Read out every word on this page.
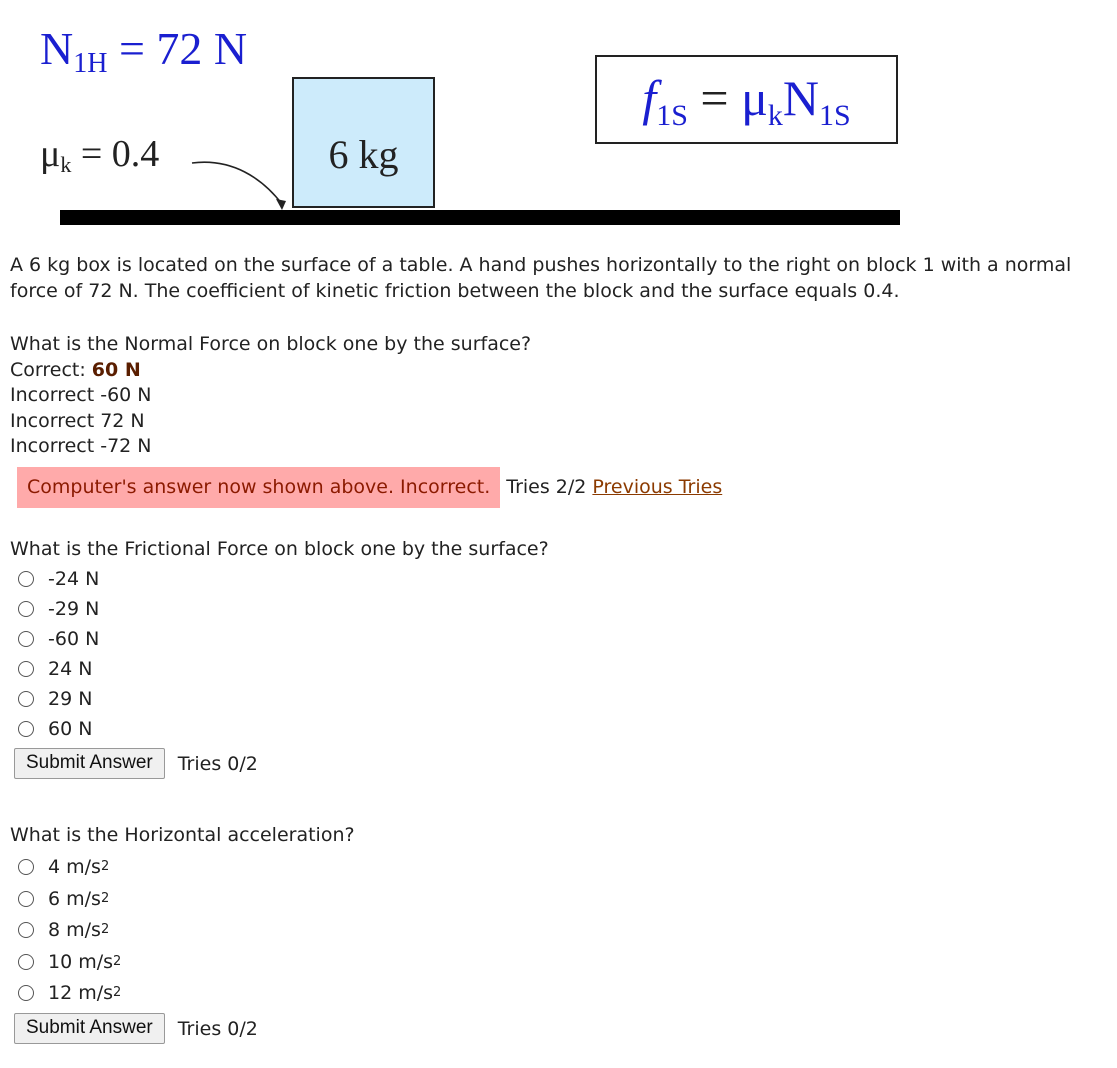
$N_{1H} = 72$ N
$\mu_k = 0.4$	6 kg
$f_{1S} = \mu_kN_{1S}$

A 6 kg box is located on the surface of a table. A hand pushes horizontally to the right on block 1 with a normal force of 72 N. The coefficient of kinetic friction between the block and the surface equals 0.4.

What is the Normal Force on block one by the surface?
Correct: 60 N
Incorrect -60 N
Incorrect 72 N
Incorrect -72 N
Computer's answer now shown above. Incorrect. Tries 2/2 Previous Tries
What is the Frictional Force on block one by the surface?
-24 N
-29 N
-60 N
24 N
29 N
60 N
Submit Answer	Tries 0/2
What is the Horizontal acceleration?
4 m/s 2
6 m/s 2
8 m/s 2
10 m/s 2
12 m/s 2
Submit Answer	Tries 0/2
